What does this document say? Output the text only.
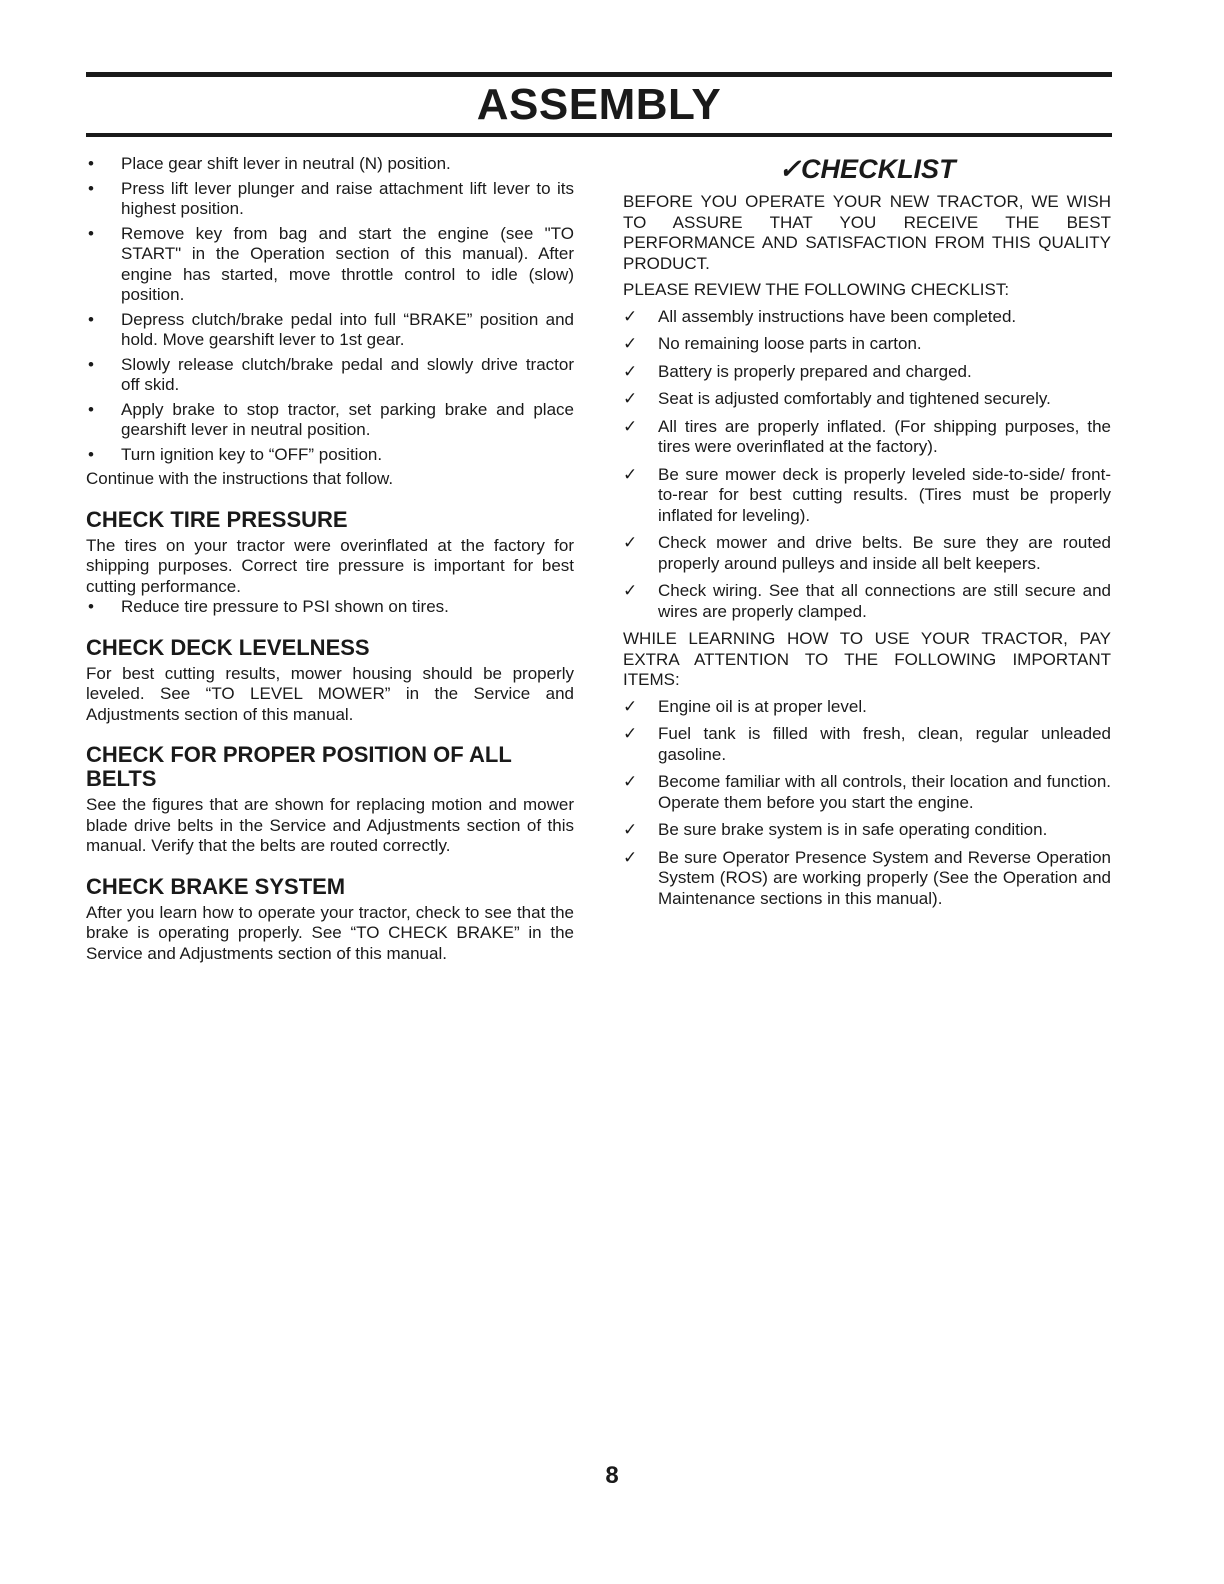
ASSEMBLY
• Place gear shift lever in neutral (N) position.
• Press lift lever plunger and raise attachment lift lever to its highest position.
• Remove key from bag and start the engine (see "TO START" in the Operation section of this manual). After engine has started, move throttle control to idle (slow) position.
• Depress clutch/brake pedal into full “BRAKE” position and hold. Move gearshift lever to 1st gear.
• Slowly release clutch/brake pedal and slowly drive tractor off skid.
• Apply brake to stop tractor, set parking brake and place gearshift lever in neutral position.
• Turn ignition key to “OFF” position.

Continue with the instructions that follow.

CHECK TIRE PRESSURE

The tires on your tractor were overinflated at the factory for shipping purposes. Correct tire pressure is important for best cutting performance.

• Reduce tire pressure to PSI shown on tires.
CHECK DECK LEVELNESS

For best cutting results, mower housing should be properly leveled. See “TO LEVEL MOWER” in the Service and Adjustments section of this manual.

CHECK FOR PROPER POSITION OF ALL BELTS

See the figures that are shown for replacing motion and mower blade drive belts in the Service and Adjustments section of this manual. Verify that the belts are routed correctly.

CHECK BRAKE SYSTEM

After you learn how to operate your tractor, check to see that the brake is operating properly. See “TO CHECK BRAKE” in the Service and Adjustments section of this manual.

✓CHECKLIST

BEFORE YOU OPERATE YOUR NEW TRACTOR, WE WISH TO ASSURE THAT YOU RECEIVE THE BEST PERFORMANCE AND SATISFACTION FROM THIS QUALITY PRODUCT.

PLEASE REVIEW THE FOLLOWING CHECKLIST:

✓ All assembly instructions have been completed.
✓ No remaining loose parts in carton.
✓ Battery is properly prepared and charged.
✓ Seat is adjusted comfortably and tightened securely.
✓ All tires are properly inflated. (For shipping purposes, the tires were overinflated at the factory).
✓ Be sure mower deck is properly leveled side-to-side/ front-to-rear for best cutting results. (Tires must be properly inflated for leveling).
✓ Check mower and drive belts. Be sure they are routed properly around pulleys and inside all belt keepers.
✓ Check wiring. See that all connections are still secure and wires are properly clamped.

WHILE LEARNING HOW TO USE YOUR TRACTOR, PAY EXTRA ATTENTION TO THE FOLLOWING IMPORTANT ITEMS:

✓ Engine oil is at proper level.
✓ Fuel tank is filled with fresh, clean, regular unleaded gasoline.
✓ Become familiar with all controls, their location and function. Operate them before you start the engine.
✓ Be sure brake system is in safe operating condition.
✓ Be sure Operator Presence System and Reverse Operation System (ROS) are working properly (See the Operation and Maintenance sections in this manual).
8
